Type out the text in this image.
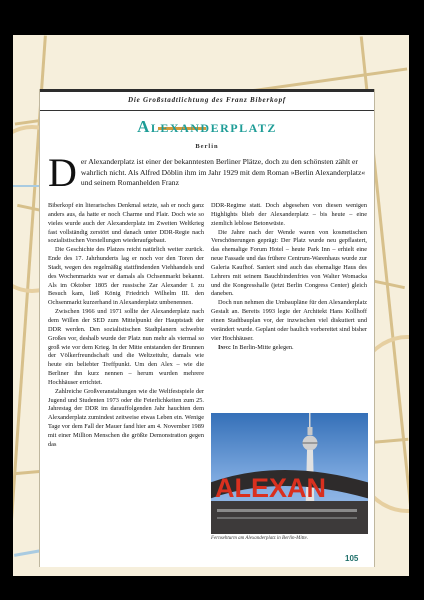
Die Großstadtlichtung des Franz Biberkopf
Alexanderplatz
Berlin
Der Alexanderplatz ist einer der bekanntesten Berliner Plätze, doch zu den schönsten zählt er wahrlich nicht. Als Alfred Döblin ihm im Jahr 1929 mit dem Roman »Berlin Alexanderplatz« und seinem Romanhelden Franz

Biberkopf ein literarisches Denkmal setzte, sah er noch ganz anders aus, da hatte er noch Charme und Flair. Doch wie so vieles wurde auch der Alexanderplatz im Zweiten Weltkrieg fast vollständig zerstört und danach unter DDR-Regie nach sozialistischen Vorstellungen wiederaufgebaut.

Die Geschichte des Platzes reicht natürlich weiter zurück. Ende des 17. Jahrhunderts lag er noch vor den Toren der Stadt, wegen des regelmäßig stattfindenden Viehhandels und des Wochenmarkts war er damals als Ochsenmarkt bekannt. Als im Oktober 1805 der russische Zar Alexander I. zu Besuch kam, ließ König Friedrich Wilhelm III. den Ochsenmarkt kurzerhand in Alexanderplatz umbenennen.

Zwischen 1966 und 1971 sollte der Alexanderplatz nach dem Willen der SED zum Mittelpunkt der Hauptstadt der DDR werden. Den sozialistischen Stadtplanern schwebte Großes vor, deshalb wurde der Platz nun mehr als viermal so groß wie vor dem Krieg. In der Mitte entstanden der Brunnen der Völkerfreundschaft und die Weltzeituhr, damals wie heute ein beliebter Treffpunkt. Um den Alex – wie die Berliner ihn kurz nennen – herum wurden mehrere Hochhäuser errichtet.

Zahlreiche Großveranstaltungen wie die Weltfestspiele der Jugend und Studenten 1973 oder die Feierlichkeiten zum 25. Jahrestag der DDR im darauffolgenden Jahr hauchten dem Alexanderplatz zumindest zeitweise etwas Leben ein. Wenige Tage vor dem Fall der Mauer fand hier am 4. November 1989 mit einer Million Menschen die größte Demonstration gegen das

DDR-Regime statt. Doch abgesehen von diesen wenigen Highlights blieb der Alexanderplatz – bis heute – eine ziemlich leblose Betonwüste.

Die Jahre nach der Wende waren von kosmetischen Verschönerungen geprägt: Der Platz wurde neu gepflastert, das ehemalige Forum Hotel – heute Park Inn – erhielt eine neue Fassade und das frühere Centrum-Warenhaus wurde zur Galeria Kaufhof. Saniert sind auch das ehemalige Haus des Lehrers mit seinem Bauchbindenfries von Walter Womacka und die Kongresshalle (jetzt Berlin Congress Center) gleich daneben.

Doch nun nehmen die Umbaupläne für den Alexanderplatz Gestalt an. Bereits 1993 legte der Architekt Hans Kollhoff einen Stadtbauplan vor, der inzwischen viel diskutiert und verändert wurde. Geplant oder baulich vorbereitet sind bisher vier Hochhäuser.

Info: In Berlin-Mitte gelegen.

ALEXAN
Fernsehturm am Alexanderplatz in Berlin-Mitte.
105
